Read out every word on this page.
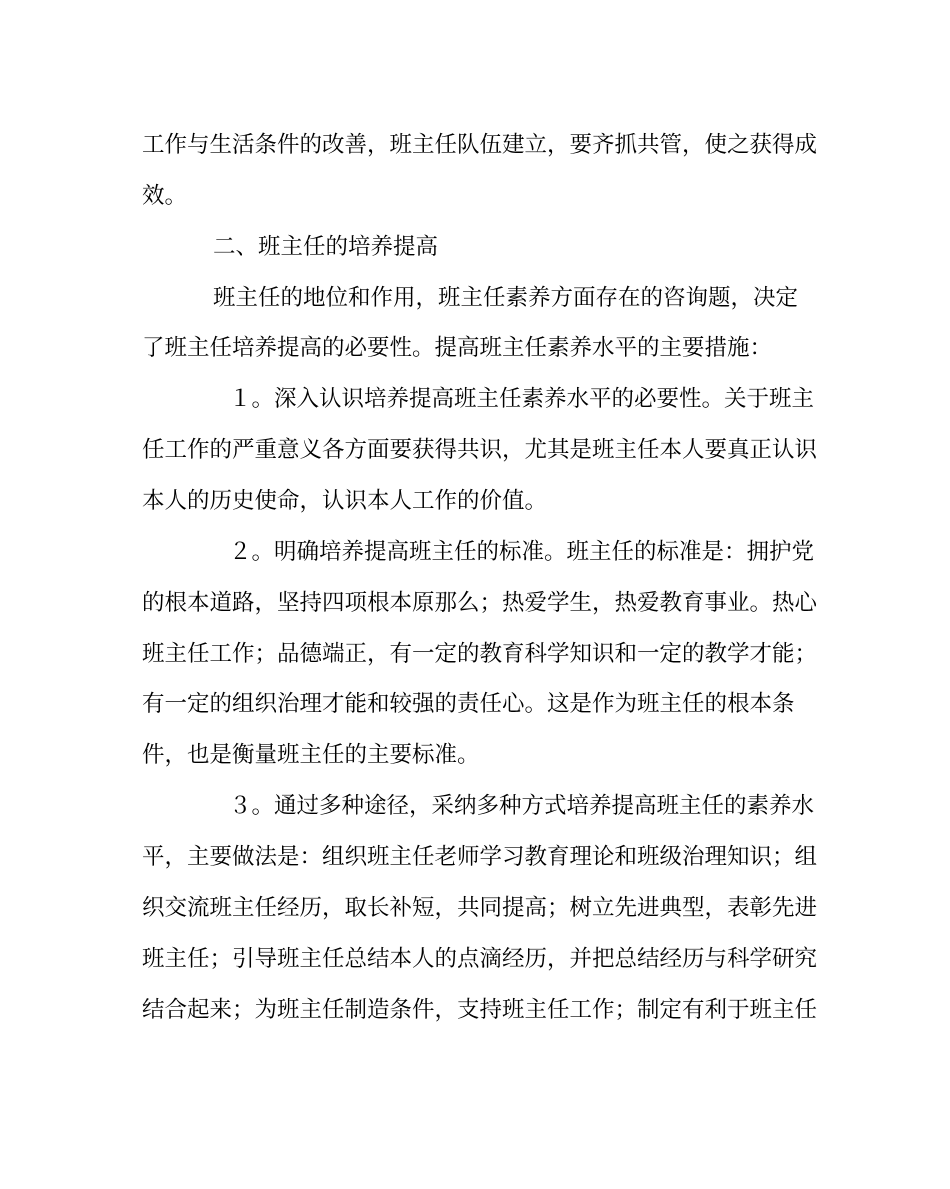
工作与生活条件的改善，班主任队伍建立，要齐抓共管，使之获得成
效。
二、班主任的培养提高
班主任的地位和作用，班主任素养方面存在的咨询题，决定
了班主任培养提高的必要性。提高班主任素养水平的主要措施：
１。深入认识培养提高班主任素养水平的必要性。关于班主
任工作的严重意义各方面要获得共识，尤其是班主任本人要真正认识
本人的历史使命，认识本人工作的价值。
２。明确培养提高班主任的标准。班主任的标准是：拥护党
的根本道路，坚持四项根本原那么；热爱学生，热爱教育事业。热心
班主任工作；品德端正，有一定的教育科学知识和一定的教学才能；
有一定的组织治理才能和较强的责任心。这是作为班主任的根本条
件，也是衡量班主任的主要标准。
３。通过多种途径，采纳多种方式培养提高班主任的素养水
平，主要做法是：组织班主任老师学习教育理论和班级治理知识；组
织交流班主任经历，取长补短，共同提高；树立先进典型，表彰先进
班主任；引导班主任总结本人的点滴经历，并把总结经历与科学研究
结合起来；为班主任制造条件，支持班主任工作；制定有利于班主任
